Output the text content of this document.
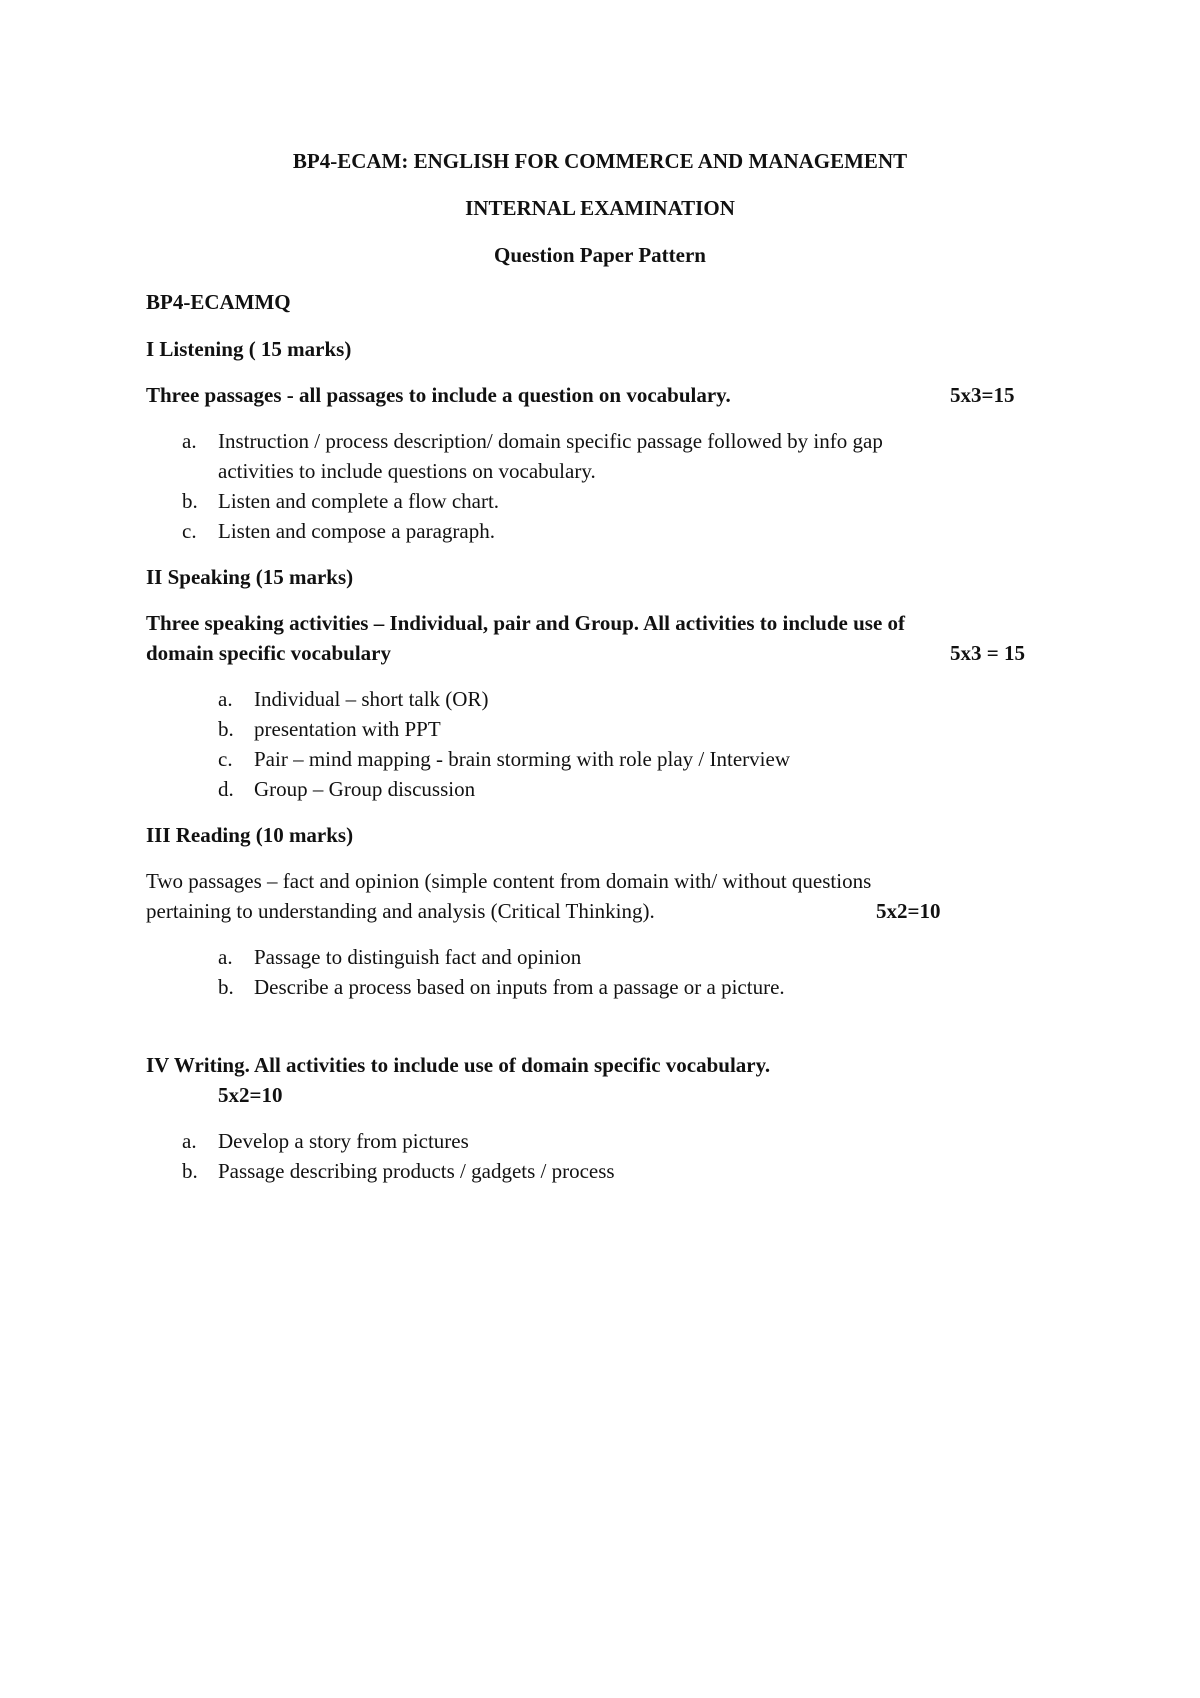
BP4-ECAM: ENGLISH FOR COMMERCE AND MANAGEMENT
INTERNAL EXAMINATION
Question Paper Pattern
BP4-ECAMMQ
I Listening ( 15 marks)
Three passages - all passages to include a question on vocabulary.	5x3=15
a. Instruction / process description/ domain specific passage followed by info gap
activities to include questions on vocabulary.
b. Listen and complete a flow chart.
c. Listen and compose a paragraph.
II Speaking (15 marks)
Three speaking activities – Individual, pair and Group. All activities to include use of
domain specific vocabulary	5x3 = 15
a. Individual – short talk (OR)
b. presentation with PPT
c. Pair – mind mapping - brain storming with role play / Interview
d. Group – Group discussion
III Reading (10 marks)
Two passages – fact and opinion (simple content from domain with/ without questions
pertaining to understanding and analysis (Critical Thinking).	5x2=10
a. Passage to distinguish fact and opinion
b. Describe a process based on inputs from a passage or a picture.
IV Writing. All activities to include use of domain specific vocabulary.
5x2=10
a. Develop a story from pictures
b. Passage describing products / gadgets / process
